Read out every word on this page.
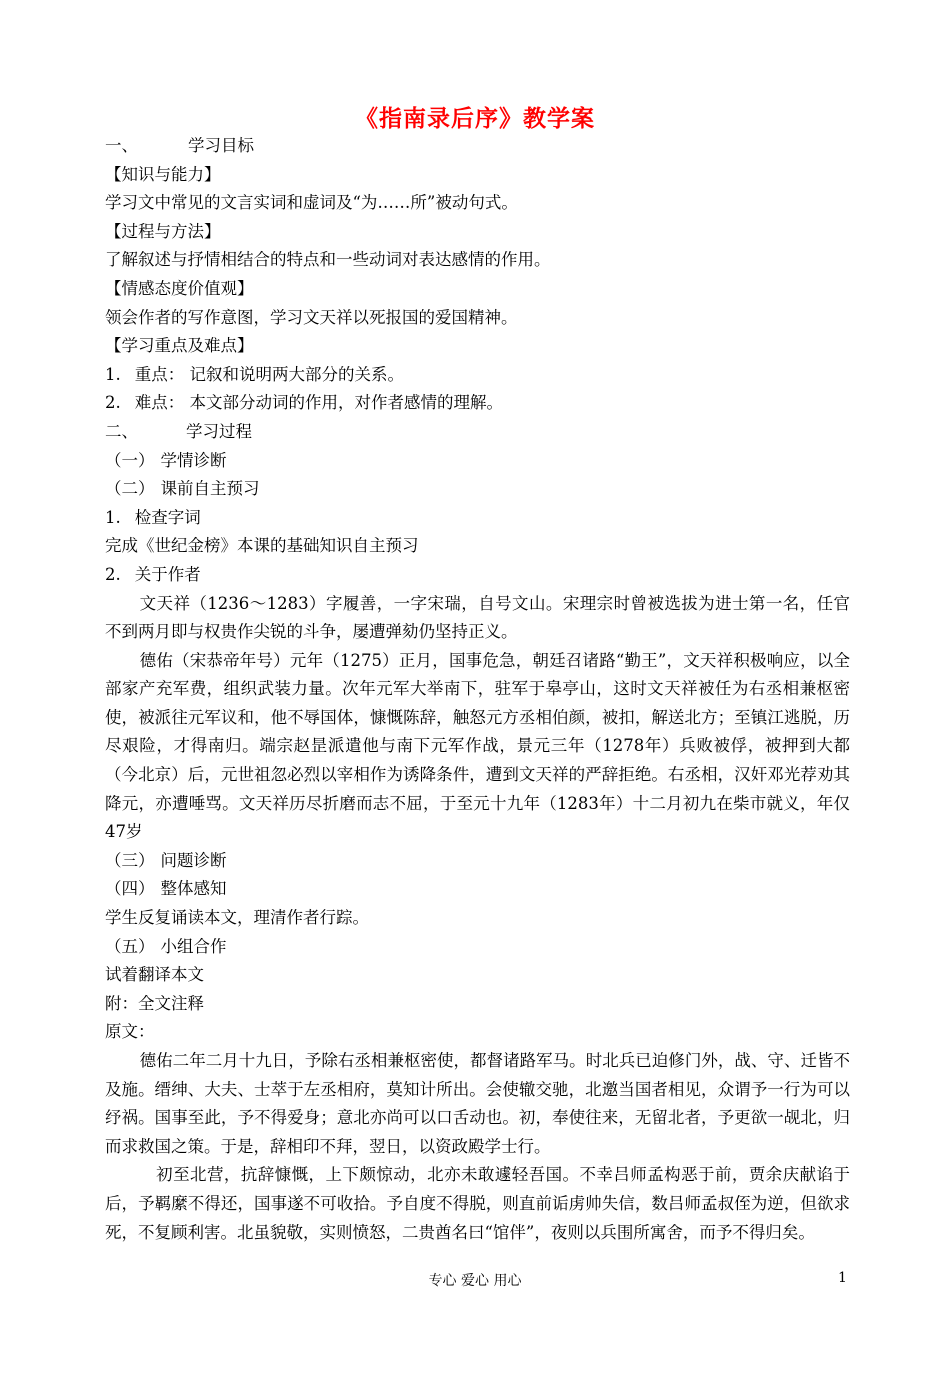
《指南录后序》教学案
一、	学习目标
【知识与能力】
学习文中常见的文言实词和虚词及“为……所”被动句式。
【过程与方法】
了解叙述与抒情相结合的特点和一些动词对表达感情的作用。
【情感态度价值观】
领会作者的写作意图，学习文天祥以死报国的爱国精神。
【学习重点及难点】
1. 重点： 记叙和说明两大部分的关系。
2. 难点： 本文部分动词的作用，对作者感情的理解。
二、	学习过程
（一） 学情诊断
（二） 课前自主预习
1. 检查字词
完成《世纪金榜》本课的基础知识自主预习
2. 关于作者

文天祥（1236～1283）字履善，一字宋瑞，自号文山。宋理宗时曾被选拔为进士第一名，任官不到两月即与权贵作尖锐的斗争，屡遭弹劾仍坚持正义。

德佑（宋恭帝年号）元年（1275）正月，国事危急，朝廷召诸路“勤王”，文天祥积极响应，以全部家产充军费，组织武装力量。次年元军大举南下，驻军于皋亭山，这时文天祥被任为右丞相兼枢密使，被派往元军议和，他不辱国体，慷慨陈辞，触怒元方丞相伯颜，被扣，解送北方；至镇江逃脱，历尽艰险，才得南归。端宗赵昰派遣他与南下元军作战，景元三年（1278年）兵败被俘，被押到大都（今北京）后，元世祖忽必烈以宰相作为诱降条件，遭到文天祥的严辞拒绝。右丞相，汉奸邓光荐劝其降元，亦遭唾骂。文天祥历尽折磨而志不屈，于至元十九年（1283年）十二月初九在柴市就义，年仅47岁

（三） 问题诊断
（四） 整体感知
学生反复诵读本文，理清作者行踪。
（五） 小组合作
试着翻译本文
附：全文注释
原文：

德佑二年二月十九日，予除右丞相兼枢密使，都督诸路军马。时北兵已迫修门外，战、守、迁皆不及施。缙绅、大夫、士萃于左丞相府，莫知计所出。会使辙交驰，北邀当国者相见，众谓予一行为可以纾祸。国事至此，予不得爱身；意北亦尚可以口舌动也。初，奉使往来，无留北者，予更欲一觇北，归而求救国之策。于是，辞相印不拜，翌日，以资政殿学士行。

初至北营，抗辞慷慨，上下颇惊动，北亦未敢遽轻吾国。不幸吕师孟构恶于前，贾余庆献谄于后，予羁縻不得还，国事遂不可收拾。予自度不得脱，则直前诟虏帅失信，数吕师孟叔侄为逆，但欲求死，不复顾利害。北虽貌敬，实则愤怒，二贵酋名曰“馆伴”，夜则以兵围所寓舍，而予不得归矣。

专心 爱心 用心	1
